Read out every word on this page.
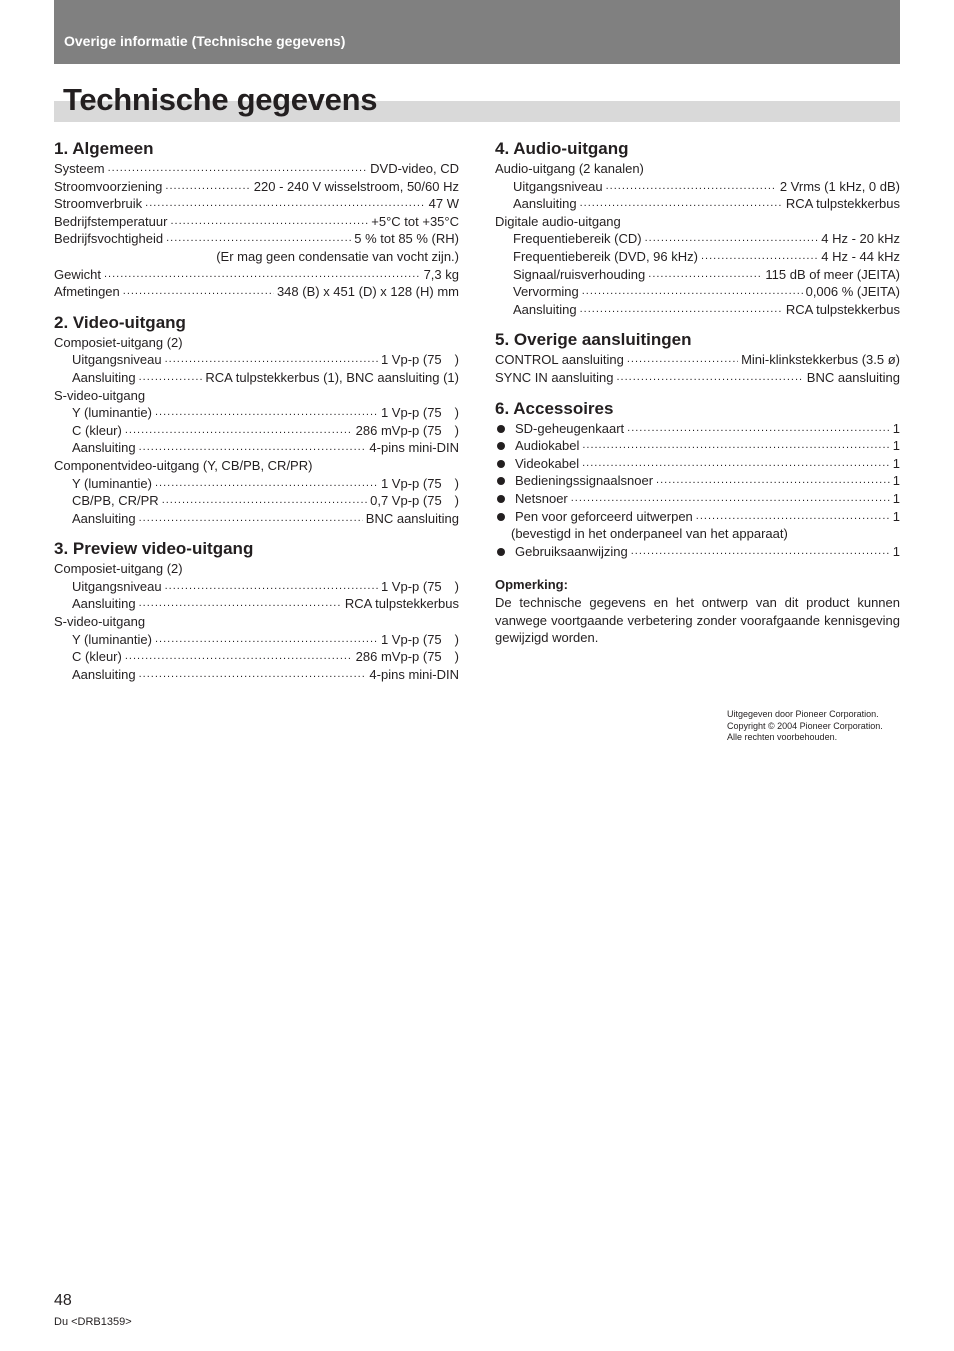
Overige informatie (Technische gegevens)
Technische gegevens
1. Algemeen
Systeem .....	DVD-video, CD
Stroomvoorziening .....	220 - 240 V wisselstroom, 50/60 Hz
Stroomverbruik .....	47 W
Bedrijfstemperatuur .....	+5°C tot +35°C
Bedrijfsvochtigheid .....	5 % tot 85 % (RH)
(Er mag geen condensatie van vocht zijn.)
Gewicht .....	7,3 kg
Afmetingen .....	348 (B) x 451 (D) x 128 (H) mm
2. Video-uitgang
Composiet-uitgang (2)
Uitgangsniveau .....	1 Vp-p (75 )
Aansluiting .....	RCA tulpstekkerbus (1), BNC aansluiting (1)
S-video-uitgang
Y (luminantie) .....	1 Vp-p (75 )
C (kleur) .....	286 mVp-p (75 )
Aansluiting .....	4-pins mini-DIN
Componentvideo-uitgang (Y, CB/PB, CR/PR)
Y (luminantie) .....	1 Vp-p (75 )
CB/PB, CR/PR .....	0,7 Vp-p (75 )
Aansluiting .....	BNC aansluiting
3. Preview video-uitgang
Composiet-uitgang (2)
Uitgangsniveau .....	1 Vp-p (75 )
Aansluiting .....	RCA tulpstekkerbus
S-video-uitgang
Y (luminantie) .....	1 Vp-p (75 )
C (kleur) .....	286 mVp-p (75 )
Aansluiting .....	4-pins mini-DIN
4. Audio-uitgang
Audio-uitgang (2 kanalen)
Uitgangsniveau .....	2 Vrms (1 kHz, 0 dB)
Aansluiting .....	RCA tulpstekkerbus
Digitale audio-uitgang
Frequentiebereik (CD) .....	4 Hz - 20 kHz
Frequentiebereik (DVD, 96 kHz) .....	4 Hz - 44 kHz
Signaal/ruisverhouding .....	115 dB of meer (JEITA)
Vervorming .....	0,006 % (JEITA)
Aansluiting .....	RCA tulpstekkerbus
5. Overige aansluitingen
CONTROL aansluiting .....	Mini-klinkstekkerbus (3.5 ø)
SYNC IN aansluiting .....	BNC aansluiting
6. Accessoires
SD-geheugenkaart .....	1
Audiokabel .....	1
Videokabel .....	1
Bedieningssignaalsnoer .....	1
Netsnoer .....	1
Pen voor geforceerd uitwerpen .....	1
(bevestigd in het onderpaneel van het apparaat)
Gebruiksaanwijzing .....	1
Opmerking:
De technische gegevens en het ontwerp van dit product kunnen vanwege voortgaande verbetering zonder voorafgaande kennisgeving gewijzigd worden.
Uitgegeven door Pioneer Corporation.
Copyright © 2004 Pioneer Corporation.
Alle rechten voorbehouden.
48
Du <DRB1359>
